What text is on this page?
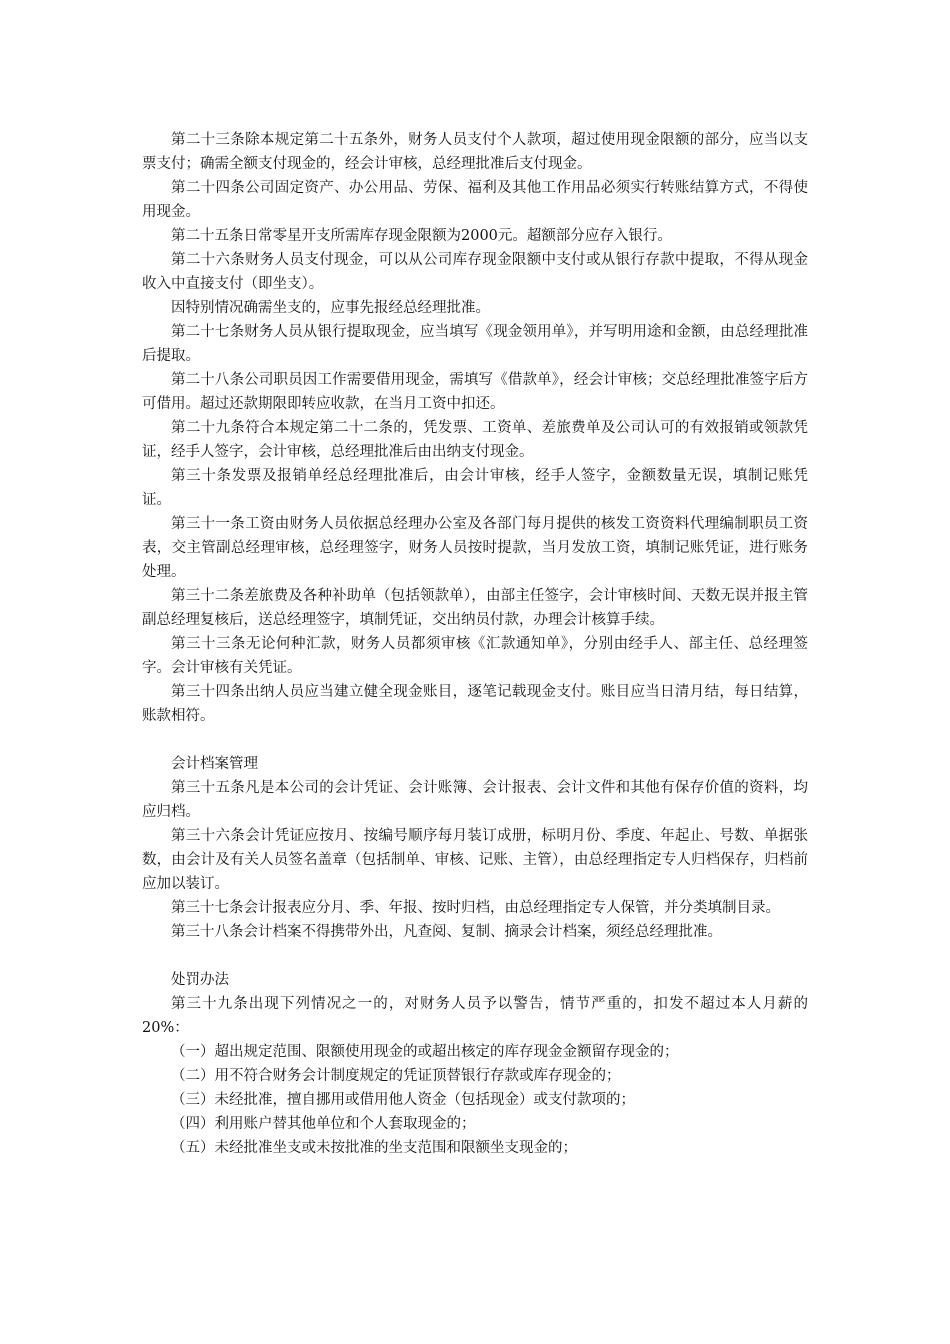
第二十三条除本规定第二十五条外，财务人员支付个人款项，超过使用现金限额的部分，应当以支票支付；确需全额支付现金的，经会计审核，总经理批准后支付现金。

第二十四条公司固定资产、办公用品、劳保、福利及其他工作用品必须实行转账结算方式，不得使用现金。

第二十五条日常零星开支所需库存现金限额为2000元。超额部分应存入银行。

第二十六条财务人员支付现金，可以从公司库存现金限额中支付或从银行存款中提取，不得从现金收入中直接支付（即坐支）。

因特别情况确需坐支的，应事先报经总经理批准。

第二十七条财务人员从银行提取现金，应当填写《现金领用单》，并写明用途和金额，由总经理批准后提取。

第二十八条公司职员因工作需要借用现金，需填写《借款单》，经会计审核；交总经理批准签字后方可借用。超过还款期限即转应收款，在当月工资中扣还。

第二十九条符合本规定第二十二条的，凭发票、工资单、差旅费单及公司认可的有效报销或领款凭证，经手人签字，会计审核，总经理批准后由出纳支付现金。

第三十条发票及报销单经总经理批准后，由会计审核，经手人签字，金额数量无误，填制记账凭证。

第三十一条工资由财务人员依据总经理办公室及各部门每月提供的核发工资资料代理编制职员工资表，交主管副总经理审核，总经理签字，财务人员按时提款，当月发放工资，填制记账凭证，进行账务处理。

第三十二条差旅费及各种补助单（包括领款单），由部主任签字，会计审核时间、天数无误并报主管副总经理复核后，送总经理签字，填制凭证，交出纳员付款，办理会计核算手续。

第三十三条无论何种汇款，财务人员都须审核《汇款通知单》，分别由经手人、部主任、总经理签字。会计审核有关凭证。

第三十四条出纳人员应当建立健全现金账目，逐笔记载现金支付。账目应当日清月结，每日结算，账款相符。

会计档案管理

第三十五条凡是本公司的会计凭证、会计账簿、会计报表、会计文件和其他有保存价值的资料，均应归档。

第三十六条会计凭证应按月、按编号顺序每月装订成册，标明月份、季度、年起止、号数、单据张数，由会计及有关人员签名盖章（包括制单、审核、记账、主管），由总经理指定专人归档保存，归档前应加以装订。

第三十七条会计报表应分月、季、年报、按时归档，由总经理指定专人保管，并分类填制目录。

第三十八条会计档案不得携带外出，凡查阅、复制、摘录会计档案，须经总经理批准。

处罚办法

第三十九条出现下列情况之一的，对财务人员予以警告，情节严重的，扣发不超过本人月薪的20%：

（一）超出规定范围、限额使用现金的或超出核定的库存现金金额留存现金的；

（二）用不符合财务会计制度规定的凭证顶替银行存款或库存现金的；

（三）未经批准，擅自挪用或借用他人资金（包括现金）或支付款项的；

（四）利用账户替其他单位和个人套取现金的；

（五）未经批准坐支或未按批准的坐支范围和限额坐支现金的；
